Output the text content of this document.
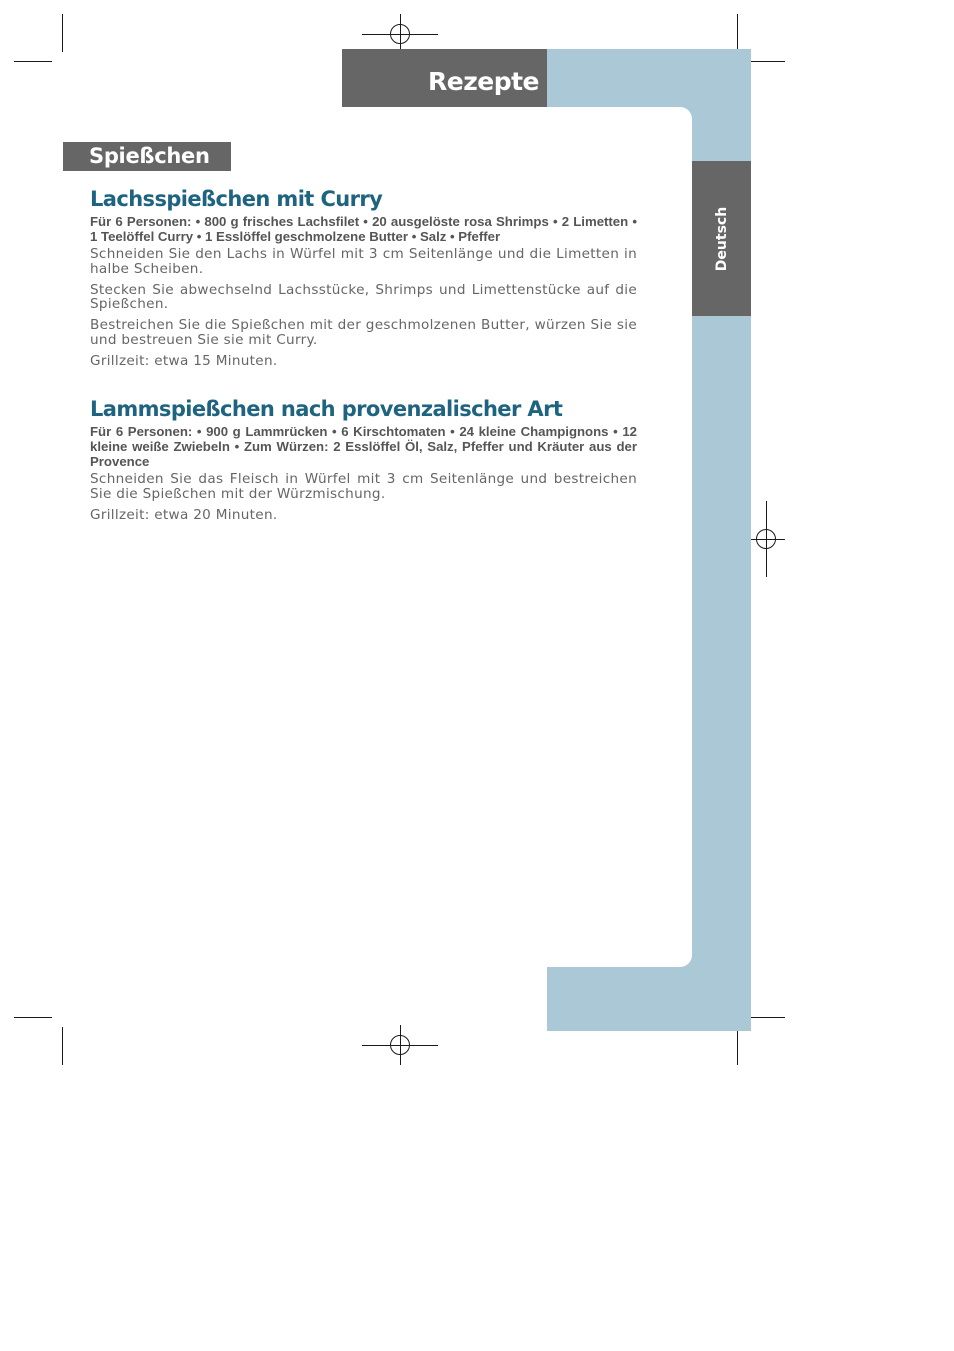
Rezepte
Deutsch
Spießchen
Lachsspießchen mit Curry

Für 6 Personen: • 800 g frisches Lachsfilet • 20 ausgelöste rosa Shrimps • 2 Limetten • 1 Teelöffel Curry • 1 Esslöffel geschmolzene Butter • Salz • Pfeffer

Schneiden Sie den Lachs in Würfel mit 3 cm Seitenlänge und die Limetten in halbe Scheiben.

Stecken Sie abwechselnd Lachsstücke, Shrimps und Limettenstücke auf die Spießchen.

Bestreichen Sie die Spießchen mit der geschmolzenen Butter, würzen Sie sie und bestreuen Sie sie mit Curry.

Grillzeit: etwa 15 Minuten.

Lammspießchen nach provenzalischer Art

Für 6 Personen: • 900 g Lammrücken • 6 Kirschtomaten • 24 kleine Champignons • 12 kleine weiße Zwiebeln • Zum Würzen: 2 Esslöffel Öl, Salz, Pfeffer und Kräuter aus der Provence

Schneiden Sie das Fleisch in Würfel mit 3 cm Seitenlänge und bestreichen Sie die Spießchen mit der Würzmischung.

Grillzeit: etwa 20 Minuten.
